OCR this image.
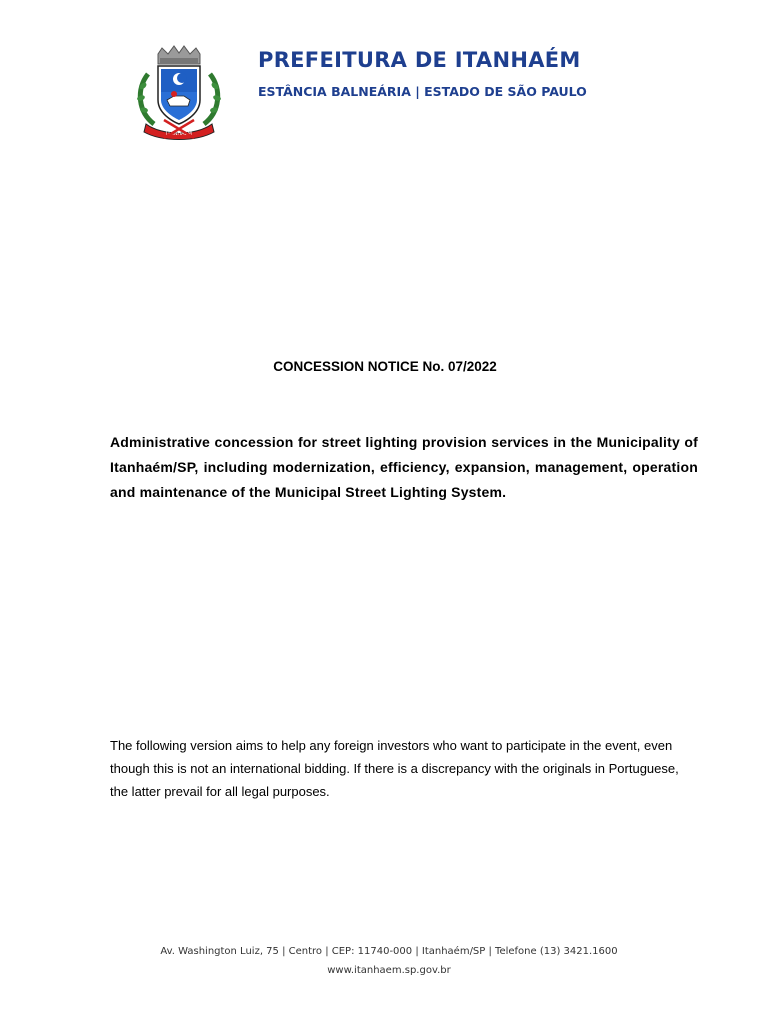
ITANHAÉM
PREFEITURA DE ITANHAÉM
ESTÂNCIA BALNEÁRIA | ESTADO DE SÃO PAULO
CONCESSION NOTICE No. 07/2022
Administrative concession for street lighting provision services in the Municipality of Itanhaém/SP, including modernization, efficiency, expansion, management, operation and maintenance of the Municipal Street Lighting System.
The following version aims to help any foreign investors who want to participate in the event, even though this is not an international bidding. If there is a discrepancy with the originals in Portuguese, the latter prevail for all legal purposes.
Av. Washington Luiz, 75 | Centro | CEP: 11740-000 | Itanhaém/SP | Telefone (13) 3421.1600
www.itanhaem.sp.gov.br
